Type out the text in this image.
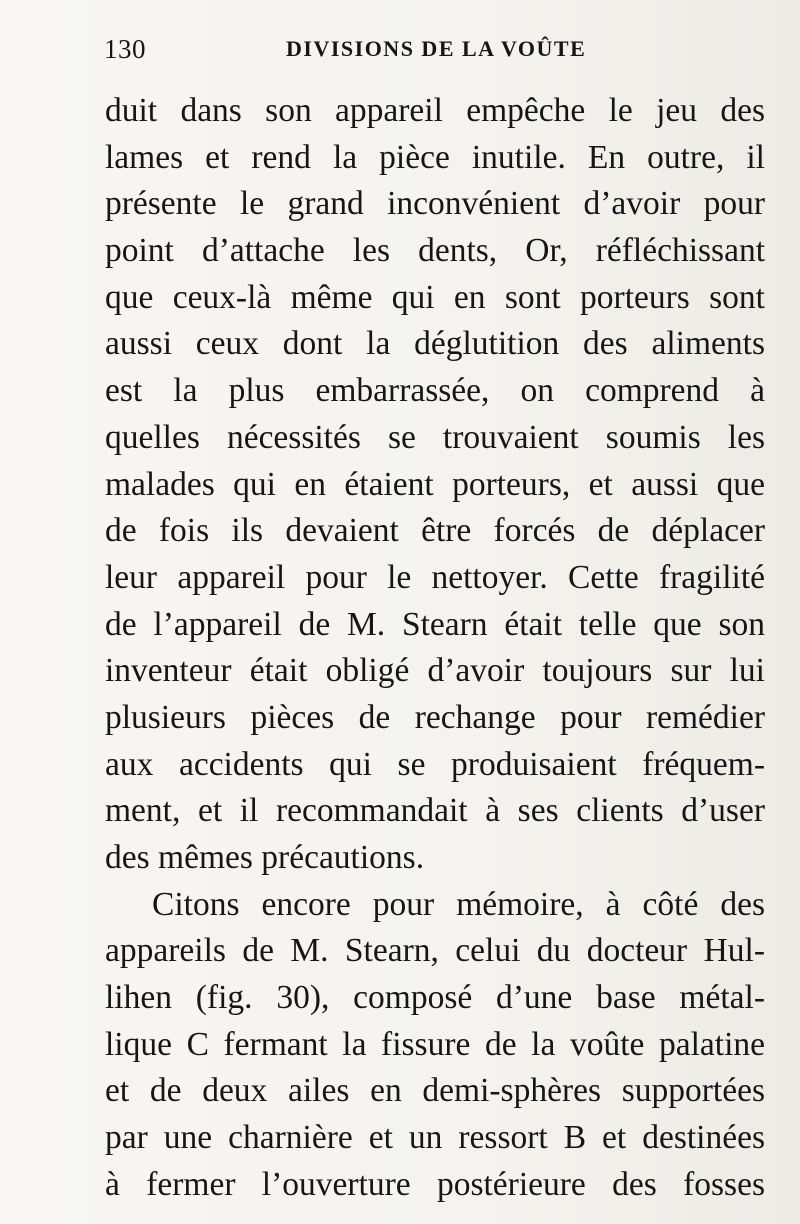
130	DIVISIONS DE LA VOÛTE
duit dans son appareil empêche le jeu des
lames et rend la pièce inutile. En outre, il
présente le grand inconvénient d’avoir pour
point d’attache les dents, Or, réfléchissant
que ceux-là même qui en sont porteurs sont
aussi ceux dont la déglutition des aliments
est la plus embarrassée, on comprend à
quelles nécessités se trouvaient soumis les
malades qui en étaient porteurs, et aussi que
de fois ils devaient être forcés de déplacer
leur appareil pour le nettoyer. Cette fragilité
de l’appareil de M. Stearn était telle que son
inventeur était obligé d’avoir toujours sur lui
plusieurs pièces de rechange pour remédier
aux accidents qui se produisaient fréquem-
ment, et il recommandait à ses clients d’user
des mêmes précautions.
Citons encore pour mémoire, à côté des
appareils de M. Stearn, celui du docteur Hul-
lihen (fig. 30), composé d’une base métal-
lique C fermant la fissure de la voûte palatine
et de deux ailes en demi-sphères supportées
par une charnière et un ressort B et destinées
à fermer l’ouverture postérieure des fosses
